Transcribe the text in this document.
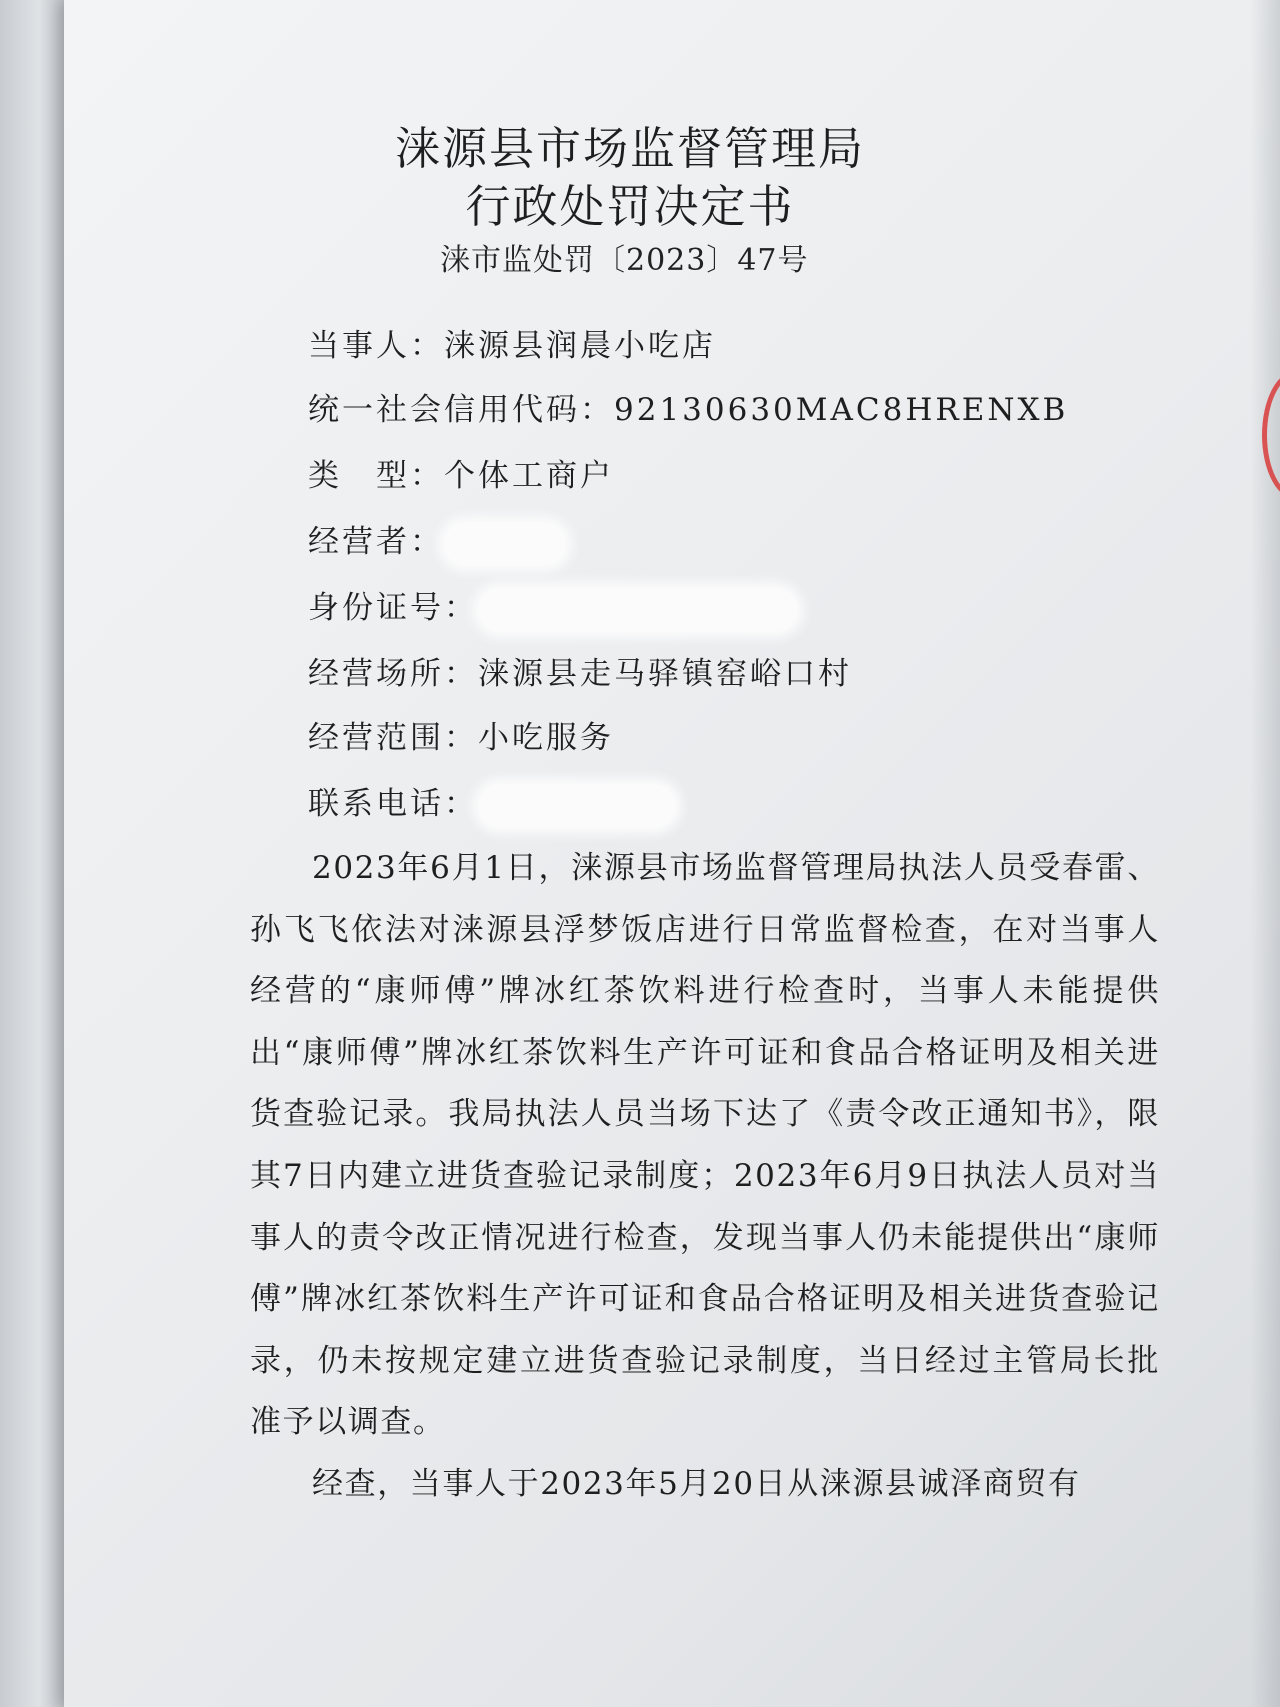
涞源县市场监督管理局
行政处罚决定书
涞市监处罚〔2023〕47号
当事人：涞源县润晨小吃店
统一社会信用代码：92130630MAC8HRENXB
类　型：个体工商户
经营者：
身份证号：
经营场所：涞源县走马驿镇窑峪口村
经营范围：小吃服务
联系电话：

2023年6月1日，涞源县市场监督管理局执法人员受春雷、孙飞飞依法对涞源县浮梦饭店进行日常监督检查，在对当事人经营的“康师傅”牌冰红茶饮料进行检查时，当事人未能提供出“康师傅”牌冰红茶饮料生产许可证和食品合格证明及相关进货查验记录。我局执法人员当场下达了《责令改正通知书》，限其7日内建立进货查验记录制度；2023年6月9日执法人员对当事人的责令改正情况进行检查，发现当事人仍未能提供出“康师傅”牌冰红茶饮料生产许可证和食品合格证明及相关进货查验记录，仍未按规定建立进货查验记录制度，当日经过主管局长批准予以调查。

经查，当事人于2023年5月20日从涞源县诚泽商贸有
